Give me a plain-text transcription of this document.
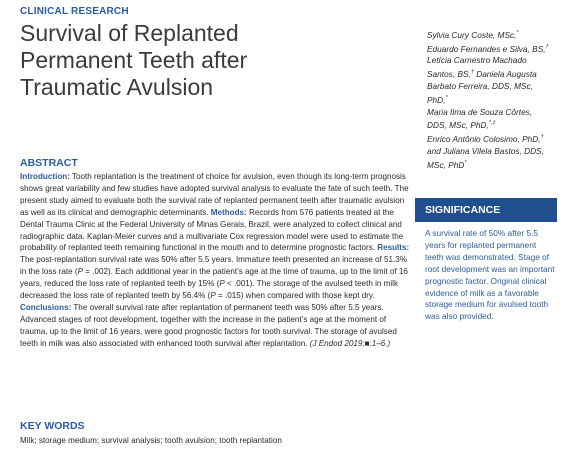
CLINICAL RESEARCH
Survival of Replanted
Permanent Teeth after
Traumatic Avulsion
Sylvia Cury Coste, MSc,*
Eduardo Fernandes e Silva, BS,†
Letícia Carnestro Machado
Santos, BS,† Daniela Augusta
Barbato Ferreira, DDS, MSc,
PhD,*
Maria Ilma de Souza Côrtes,
DDS, MSc, PhD,*,‡
Enrico Antônio Colosimo, PhD,†
and Juliana Vilela Bastos, DDS,
MSc, PhD*
ABSTRACT

Introduction: Tooth replantation is the treatment of choice for avulsion, even though its long-term prognosis shows great variability and few studies have adopted survival analysis to evaluate the fate of such teeth. The present study aimed to evaluate both the survival rate of replanted permanent teeth after traumatic avulsion as well as its clinical and demographic determinants. Methods: Records from 576 patients treated at the Dental Trauma Clinic at the Federal University of Minas Gerais, Brazil, were analyzed to collect clinical and radiographic data. Kaplan-Meier curves and a multivariate Cox regression model were used to estimate the probability of replanted teeth remaining functional in the mouth and to determine prognostic factors. Results: The post-replantation survival rate was 50% after 5.5 years. Immature teeth presented an increase of 51.3% in the loss rate (P = .002). Each additional year in the patient’s age at the time of trauma, up to the limit of 16 years, reduced the loss rate of replanted teeth by 15% (P < .001). The storage of the avulsed teeth in milk decreased the loss rate of replanted teeth by 56.4% (P = .015) when compared with those kept dry.
Conclusions: The overall survival rate after replantation of permanent teeth was 50% after 5.5 years. Advanced stages of root development, together with the increase in the patient’s age at the moment of trauma, up to the limit of 16 years, were good prognostic factors for tooth survival. The storage of avulsed teeth in milk was also associated with enhanced tooth survival after replantation. (J Endod 2019;■:1–6.)

KEY WORDS

Milk; storage medium; survival analysis; tooth avulsion; tooth replantation

SIGNIFICANCE

A survival rate of 50% after 5.5 years for replanted permanent teeth was demonstrated. Stage of root development was an important prognostic factor. Original clinical evidence of milk as a favorable storage medium for avulsed tooth was also provided.
